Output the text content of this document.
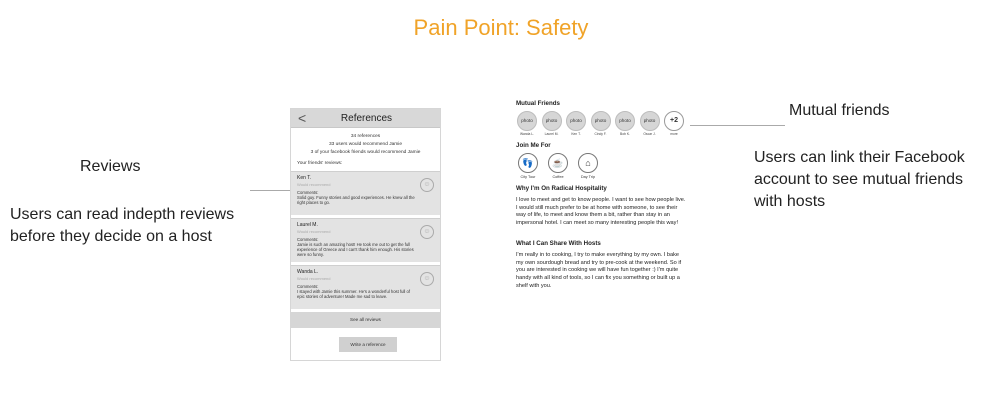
Pain Point: Safety
Reviews
Users can read indepth reviews
before they decide on a host
<	References
34 references
33 users would recommend Jamie
3 of your facebook friends would recommend Jamie
Your friends' reviews:
Ken T.
Would recommend
Comments:
Solid guy. Funny stories and good experiences. He knew all the right places to go.
☺
Laurel M.
Would recommend
Comments:
Jamie is such an amazing host! He took me out to get the full experience of Greece and I can't thank him enough. His stories were so funny.
☺
Wanda L.
Would recommend
Comments:
I stayed with Jamie this summer. He's a wonderful host full of epic stories of adventure! Made me sad to leave.
☺
See all reviews
Write a reference
Mutual Friends
photo
Wanda L.
photo
Laurel M.
photo
Ken T.
photo
Cindy F.
photo
Bob K.
photo
Oscar J.
+2
more
Join Me For
👣
City Tour
☕
Coffee
⌂
Day Trip
Why I'm On Radical Hospitality
I love to meet and get to know people. I want to see how people live. I would still much prefer to be at home with someone, to see their way of life, to meet and know them a bit, rather than stay in an impersonal hotel. I can meet so many interesting people this way!
What I Can Share With Hosts
I'm really in to cooking, I try to make everything by my own. I bake my own sourdough bread and try to pre-cook at the weekend. So if you are interested in cooking we will have fun together :) I'm quite handy with all kind of tools, so I can fix you something or built up a shelf with you.
Mutual friends
Users can link their Facebook
account to see mutual friends
with hosts
